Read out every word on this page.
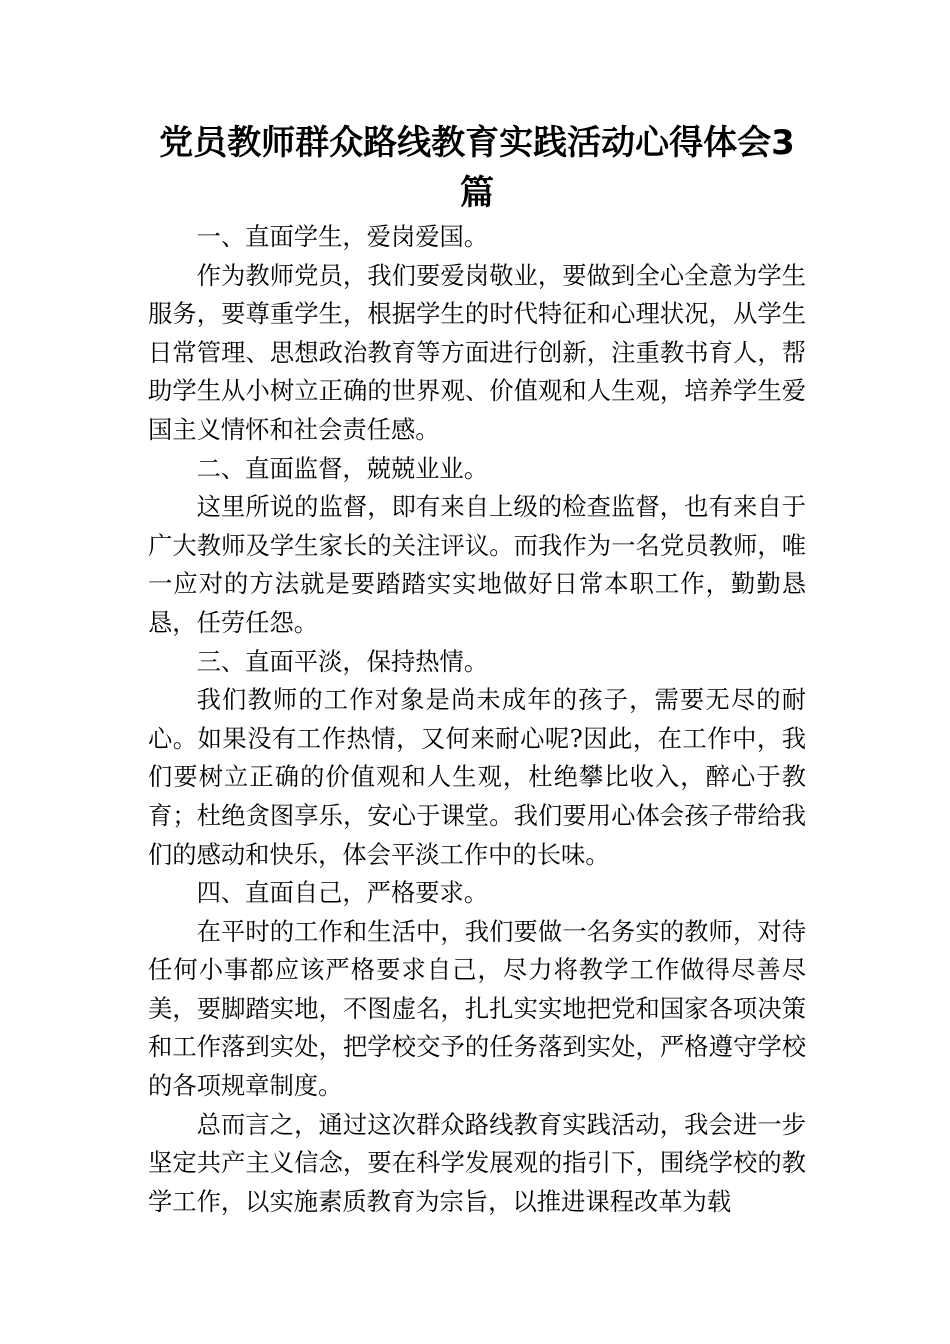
党员教师群众路线教育实践活动心得体会3篇

一、直面学生，爱岗爱国。

作为教师党员，我们要爱岗敬业，要做到全心全意为学生服务，要尊重学生，根据学生的时代特征和心理状况，从学生日常管理、思想政治教育等方面进行创新，注重教书育人，帮助学生从小树立正确的世界观、价值观和人生观，培养学生爱国主义情怀和社会责任感。

二、直面监督，兢兢业业。

这里所说的监督，即有来自上级的检查监督，也有来自于广大教师及学生家长的关注评议。而我作为一名党员教师，唯一应对的方法就是要踏踏实实地做好日常本职工作，勤勤恳恳，任劳任怨。

三、直面平淡，保持热情。

我们教师的工作对象是尚未成年的孩子，需要无尽的耐心。如果没有工作热情，又何来耐心呢?因此，在工作中，我们要树立正确的价值观和人生观，杜绝攀比收入，醉心于教育；杜绝贪图享乐，安心于课堂。我们要用心体会孩子带给我们的感动和快乐，体会平淡工作中的长味。

四、直面自己，严格要求。

在平时的工作和生活中，我们要做一名务实的教师，对待任何小事都应该严格要求自己，尽力将教学工作做得尽善尽美，要脚踏实地，不图虚名，扎扎实实地把党和国家各项决策和工作落到实处，把学校交予的任务落到实处，严格遵守学校的各项规章制度。

总而言之，通过这次群众路线教育实践活动，我会进一步坚定共产主义信念，要在科学发展观的指引下，围绕学校的教学工作，以实施素质教育为宗旨，以推进课程改革为载
